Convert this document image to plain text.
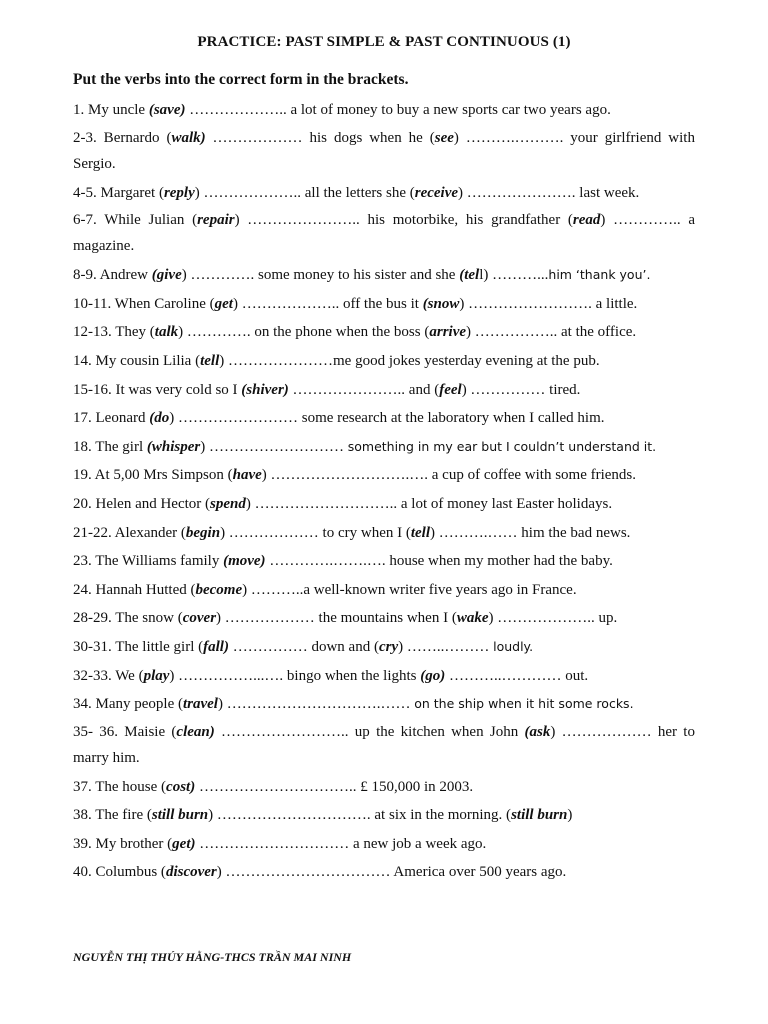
PRACTICE: PAST SIMPLE & PAST CONTINUOUS (1)
Put the verbs into the correct form in the brackets.
1. My uncle (save) ……………….. a lot of money to buy a new sports car two years ago.
2-3. Bernardo (walk) ……………… his dogs when he (see) ……….………. your girlfriend with Sergio.
4-5. Margaret (reply) ……………….. all the letters she (receive) …………………. last week.
6-7. While Julian (repair) ………………….. his motorbike, his grandfather (read) ………….. a magazine.
8-9. Andrew (give) …………. some money to his sister and she (tell) ………...him ‘thank you’.
10-11. When Caroline (get) ……………….. off the bus it (snow) ……………………. a little.
12-13. They (talk) …………. on the phone when the boss (arrive) …………….. at the office.
14. My cousin Lilia (tell) …………………me good jokes yesterday evening at the pub.
15-16. It was very cold so I (shiver) ………………….. and (feel) …………… tired.
17. Leonard (do) …………………… some research at the laboratory when I called him.
18. The girl (whisper) ……………………… something in my ear but I couldn’t understand it.
19. At 5,00 Mrs Simpson (have) ……………………….…. a cup of coffee with some friends.
20. Helen and Hector (spend) ……………………….. a lot of money last Easter holidays.
21-22. Alexander (begin) ……………… to cry when I (tell) ……….…… him the bad news.
23. The Williams family (move) ………….…….…. house when my mother had the baby.
24. Hannah Hutted (become) ………..a well-known writer five years ago in France.
28-29. The snow (cover) ……………… the mountains when I (wake) ……………….. up.
30-31. The little girl (fall) …………… down and (cry) ……..……… loudly.
32-33. We (play) ……………...…. bingo when the lights (go) ………..………… out.
34. Many people (travel) ………………………….…… on the ship when it hit some rocks.
35- 36. Maisie (clean) …………………….. up the kitchen when John (ask) ……………… her to marry him.
37. The house (cost) ………………………….. £ 150,000 in 2003.
38. The fire (still burn) …………………………. at six in the morning. (still burn)
39. My brother (get) ………………………… a new job a week ago.
40. Columbus (discover) …………………………… America over 500 years ago.
NGUYỄN THỊ THÚY HẰNG-THCS TRẦN MAI NINH
